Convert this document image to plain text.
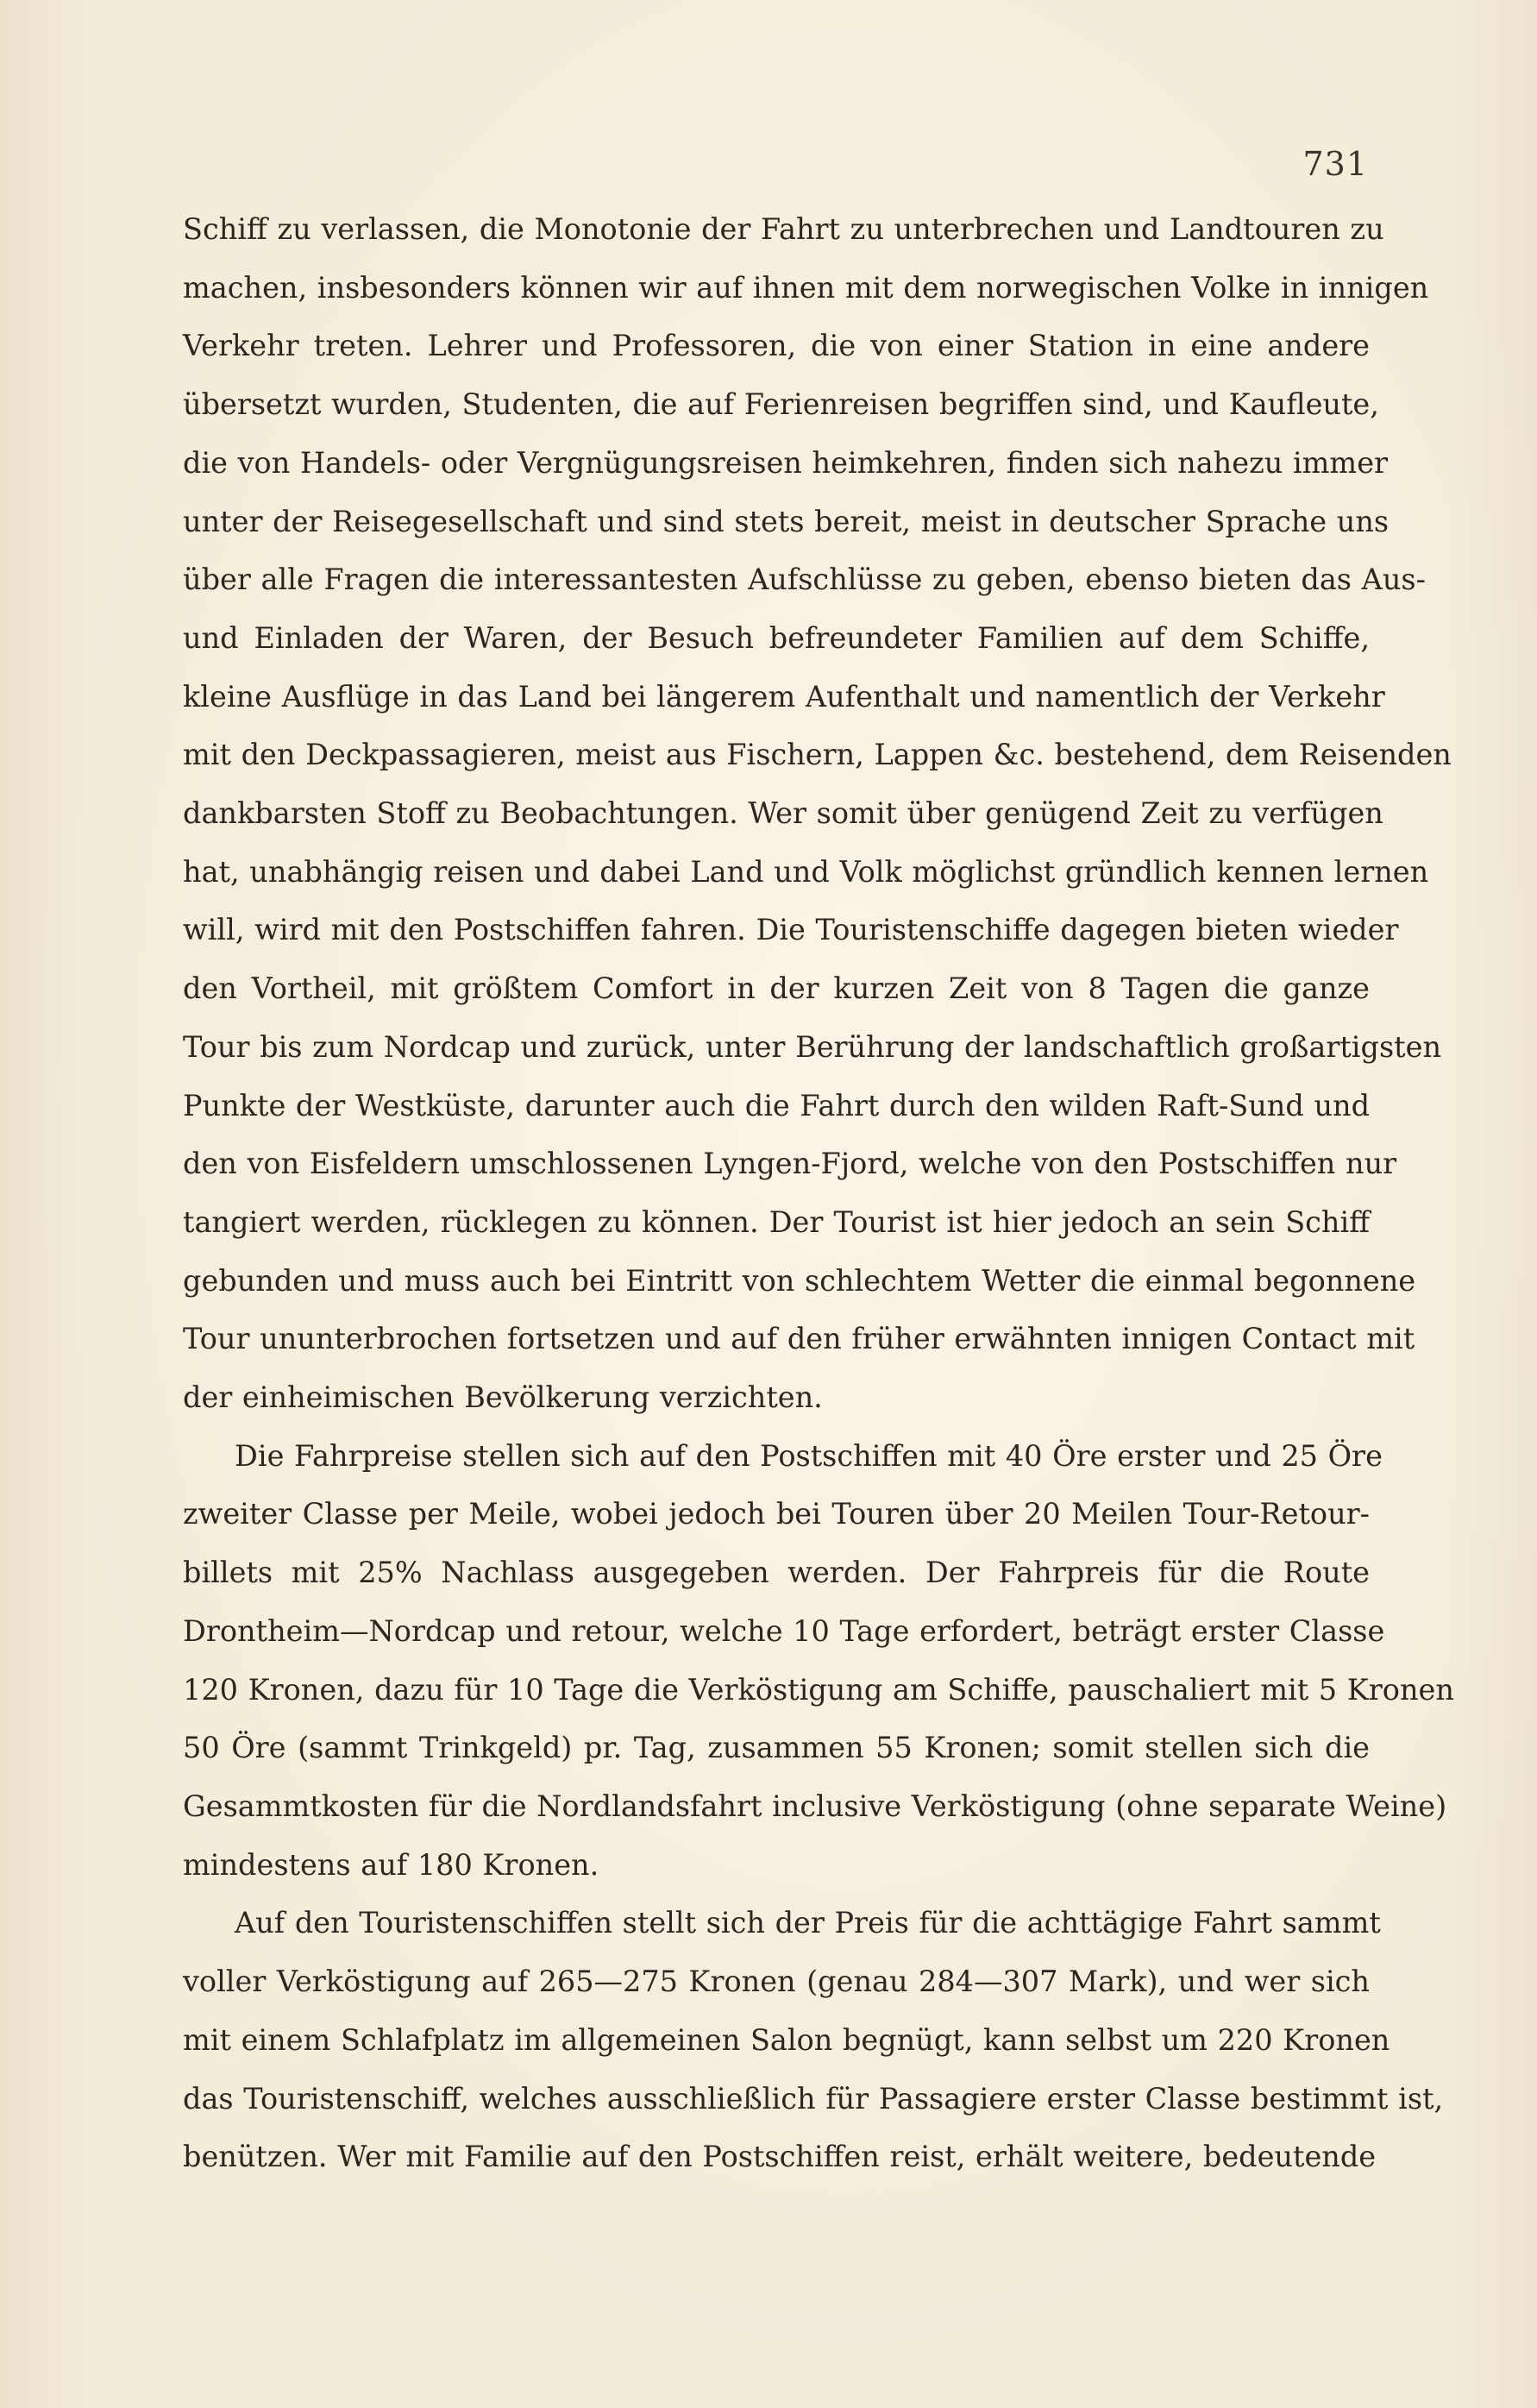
731

Schiff zu verlassen, die Monotonie der Fahrt zu unterbrechen und Landtouren zu
machen, insbesonders können wir auf ihnen mit dem norwegischen Volke in innigen
Verkehr treten. Lehrer und Professoren, die von einer Station in eine andere
übersetzt wurden, Studenten, die auf Ferienreisen begriffen sind, und Kaufleute,
die von Handels- oder Vergnügungsreisen heimkehren, finden sich nahezu immer
unter der Reisegesellschaft und sind stets bereit, meist in deutscher Sprache uns
über alle Fragen die interessantesten Aufschlüsse zu geben, ebenso bieten das Aus-
und Einladen der Waren, der Besuch befreundeter Familien auf dem Schiffe,
kleine Ausflüge in das Land bei längerem Aufenthalt und namentlich der Verkehr
mit den Deckpassagieren, meist aus Fischern, Lappen &c. bestehend, dem Reisenden
dankbarsten Stoff zu Beobachtungen. Wer somit über genügend Zeit zu verfügen
hat, unabhängig reisen und dabei Land und Volk möglichst gründlich kennen lernen
will, wird mit den Postschiffen fahren. Die Touristenschiffe dagegen bieten wieder
den Vortheil, mit größtem Comfort in der kurzen Zeit von 8 Tagen die ganze
Tour bis zum Nordcap und zurück, unter Berührung der landschaftlich großartigsten
Punkte der Westküste, darunter auch die Fahrt durch den wilden Raft-Sund und
den von Eisfeldern umschlossenen Lyngen-Fjord, welche von den Postschiffen nur
tangiert werden, rücklegen zu können. Der Tourist ist hier jedoch an sein Schiff
gebunden und muss auch bei Eintritt von schlechtem Wetter die einmal begonnene
Tour ununterbrochen fortsetzen und auf den früher erwähnten innigen Contact mit
der einheimischen Bevölkerung verzichten.

Die Fahrpreise stellen sich auf den Postschiffen mit 40 Öre erster und 25 Öre
zweiter Classe per Meile, wobei jedoch bei Touren über 20 Meilen Tour-Retour-
billets mit 25% Nachlass ausgegeben werden. Der Fahrpreis für die Route
Drontheim—Nordcap und retour, welche 10 Tage erfordert, beträgt erster Classe
120 Kronen, dazu für 10 Tage die Verköstigung am Schiffe, pauschaliert mit 5 Kronen
50 Öre (sammt Trinkgeld) pr. Tag, zusammen 55 Kronen; somit stellen sich die
Gesammtkosten für die Nordlandsfahrt inclusive Verköstigung (ohne separate Weine)
mindestens auf 180 Kronen.

Auf den Touristenschiffen stellt sich der Preis für die achttägige Fahrt sammt
voller Verköstigung auf 265—275 Kronen (genau 284—307 Mark), und wer sich
mit einem Schlafplatz im allgemeinen Salon begnügt, kann selbst um 220 Kronen
das Touristenschiff, welches ausschließlich für Passagiere erster Classe bestimmt ist,
benützen. Wer mit Familie auf den Postschiffen reist, erhält weitere, bedeutende
